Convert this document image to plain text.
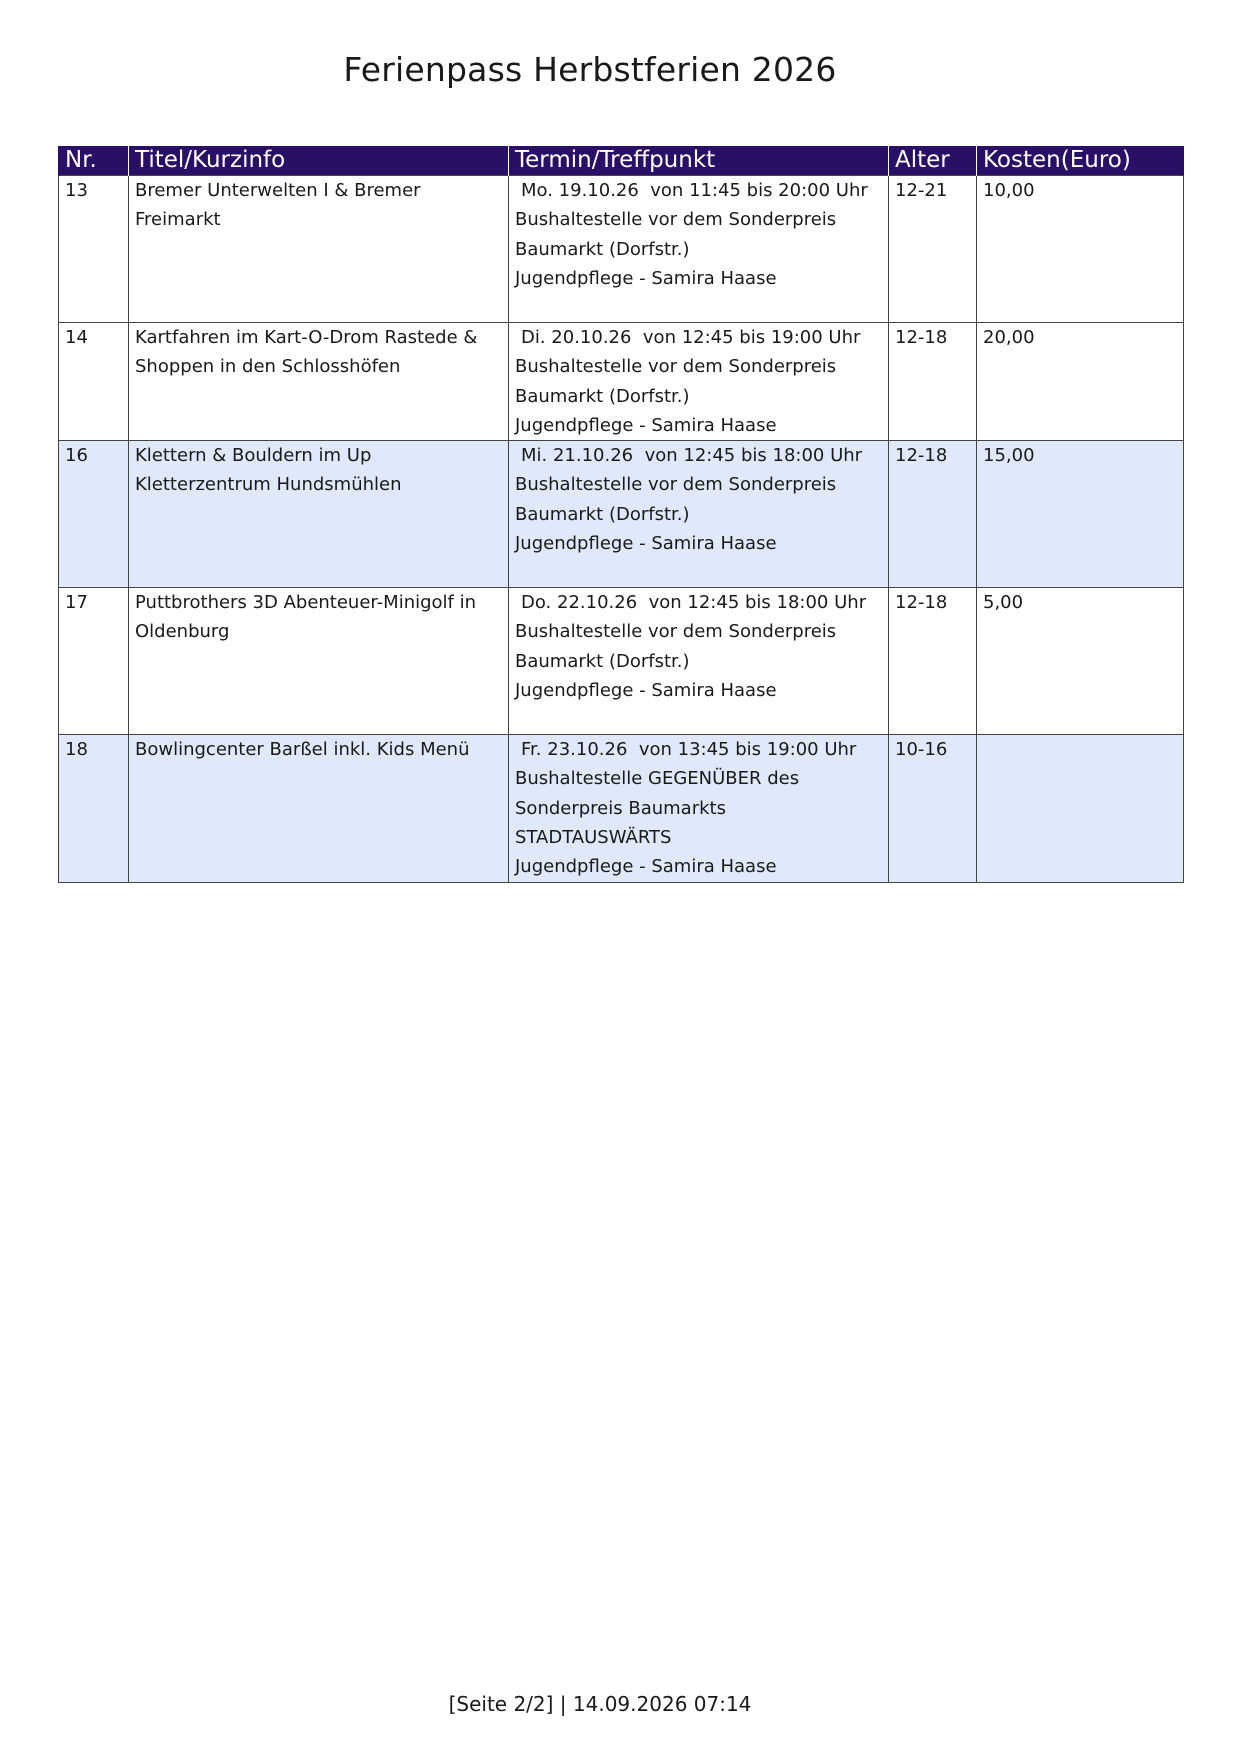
Ferienpass Herbstferien 2026
Nr.	Titel/Kurzinfo	Termin/Treffpunkt	Alter	Kosten(Euro)
13	Bremer Unterwelten I & Bremer Freimarkt	Mo. 19.10.26  von 11:45 bis 20:00 Uhr
Bushaltestelle vor dem Sonderpreis Baumarkt (Dorfstr.)
Jugendpflege - Samira Haase	12-21	10,00
14	Kartfahren im Kart-O-Drom Rastede & Shoppen in den Schlosshöfen	Di. 20.10.26  von 12:45 bis 19:00 Uhr
Bushaltestelle vor dem Sonderpreis Baumarkt (Dorfstr.)
Jugendpflege - Samira Haase	12-18	20,00
16	Klettern & Bouldern im Up Kletterzentrum Hundsmühlen	Mi. 21.10.26  von 12:45 bis 18:00 Uhr
Bushaltestelle vor dem Sonderpreis Baumarkt (Dorfstr.)
Jugendpflege - Samira Haase	12-18	15,00
17	Puttbrothers 3D Abenteuer-Minigolf in Oldenburg	Do. 22.10.26  von 12:45 bis 18:00 Uhr
Bushaltestelle vor dem Sonderpreis Baumarkt (Dorfstr.)
Jugendpflege - Samira Haase	12-18	5,00
18	Bowlingcenter Barßel inkl. Kids Menü	Fr. 23.10.26  von 13:45 bis 19:00 Uhr
Bushaltestelle GEGENÜBER des Sonderpreis Baumarkts STADTAUSWÄRTS
Jugendpflege - Samira Haase	10-16	
[Seite 2/2] | 14.09.2026 07:14
